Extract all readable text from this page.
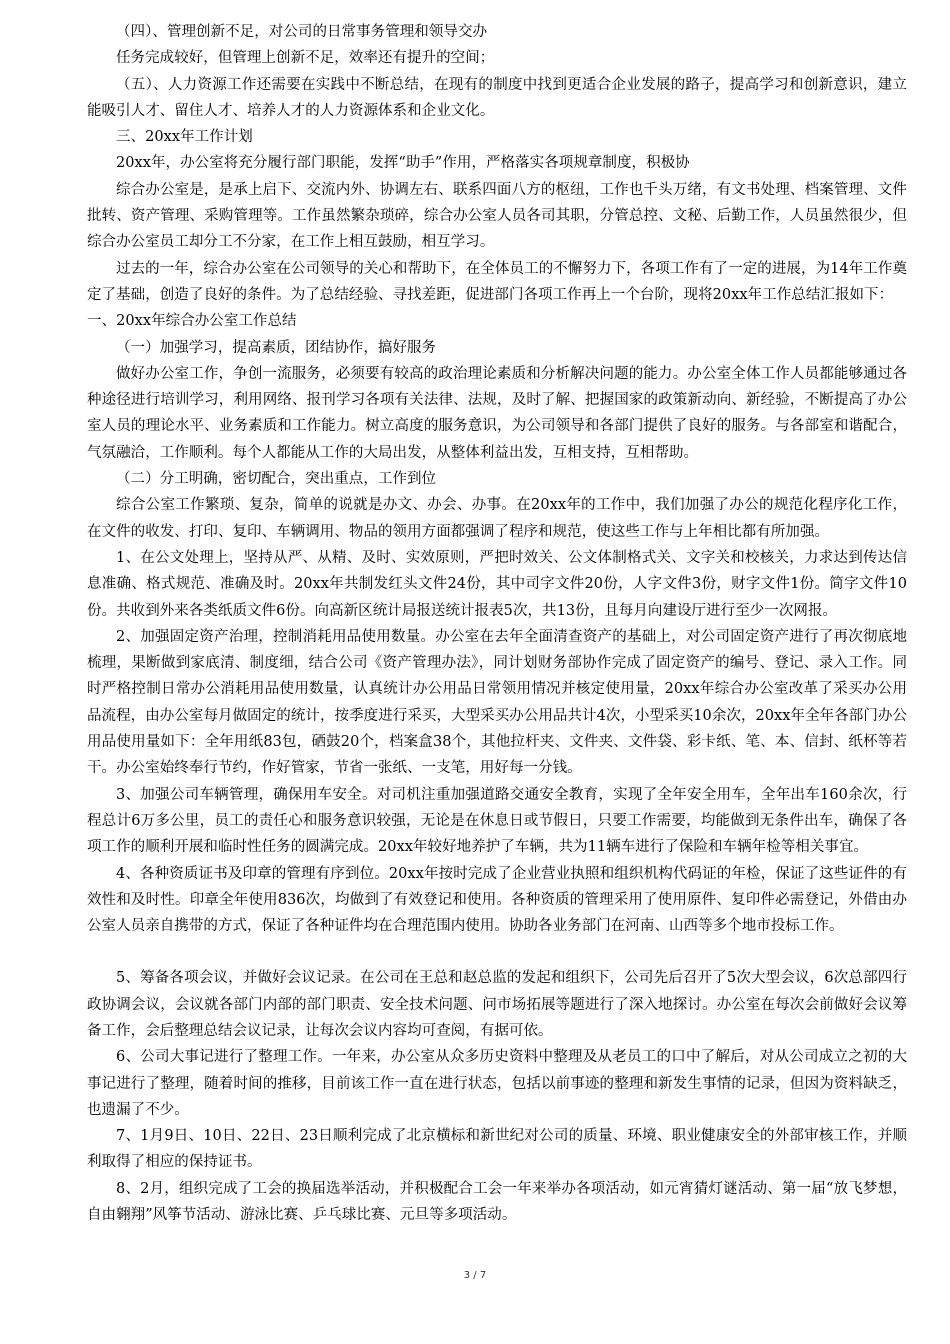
（四）、管理创新不足，对公司的日常事务管理和领导交办

任务完成较好，但管理上创新不足，效率还有提升的空间；

（五）、人力资源工作还需要在实践中不断总结，在现有的制度中找到更适合企业发展的路子，提高学习和创新意识，建立能吸引人才、留住人才、培养人才的人力资源体系和企业文化。

三、20xx年工作计划

20xx年，办公室将充分履行部门职能，发挥“助手”作用，严格落实各项规章制度，积极协

综合办公室是，是承上启下、交流内外、协调左右、联系四面八方的枢纽，工作也千头万绪，有文书处理、档案管理、文件批转、资产管理、采购管理等。工作虽然繁杂琐碎，综合办公室人员各司其职，分管总控、文秘、后勤工作，人员虽然很少，但综合办公室员工却分工不分家，在工作上相互鼓励，相互学习。

过去的一年，综合办公室在公司领导的关心和帮助下，在全体员工的不懈努力下，各项工作有了一定的进展，为14年工作奠定了基础，创造了良好的条件。为了总结经验、寻找差距，促进部门各项工作再上一个台阶，现将20xx年工作总结汇报如下：

一、20xx年综合办公室工作总结

（一）加强学习，提高素质，团结协作，搞好服务

做好办公室工作，争创一流服务，必须要有较高的政治理论素质和分析解决问题的能力。办公室全体工作人员都能够通过各种途径进行培训学习，利用网络、报刊学习各项有关法律、法规，及时了解、把握国家的政策新动向、新经验，不断提高了办公室人员的理论水平、业务素质和工作能力。树立高度的服务意识，为公司领导和各部门提供了良好的服务。与各部室和谐配合，气氛融洽，工作顺利。每个人都能从工作的大局出发，从整体利益出发，互相支持，互相帮助。

（二）分工明确，密切配合，突出重点，工作到位

综合公室工作繁琐、复杂，简单的说就是办文、办会、办事。在20xx年的工作中，我们加强了办公的规范化程序化工作，在文件的收发、打印、复印、车辆调用、物品的领用方面都强调了程序和规范，使这些工作与上年相比都有所加强。

1、在公文处理上，坚持从严、从精、及时、实效原则，严把时效关、公文体制格式关、文字关和校核关，力求达到传达信息准确、格式规范、准确及时。20xx年共制发红头文件24份，其中司字文件20份，人字文件3份，财字文件1份。简字文件10份。共收到外来各类纸质文件6份。向高新区统计局报送统计报表5次，共13份，且每月向建设厅进行至少一次网报。

2、加强固定资产治理，控制消耗用品使用数量。办公室在去年全面清查资产的基础上，对公司固定资产进行了再次彻底地梳理，果断做到家底清、制度细，结合公司《资产管理办法》，同计划财务部协作完成了固定资产的编号、登记、录入工作。同时严格控制日常办公消耗用品使用数量，认真统计办公用品日常领用情况并核定使用量，20xx年综合办公室改革了采买办公用品流程，由办公室每月做固定的统计，按季度进行采买，大型采买办公用品共计4次，小型采买10余次，20xx年全年各部门办公用品使用量如下：全年用纸83包，硒鼓20个，档案盒38个，其他拉杆夹、文件夹、文件袋、彩卡纸、笔、本、信封、纸杯等若干。办公室始终奉行节约，作好管家，节省一张纸、一支笔，用好每一分钱。

3、加强公司车辆管理，确保用车安全。对司机注重加强道路交通安全教育，实现了全年安全用车，全年出车160余次，行程总计6万多公里，员工的责任心和服务意识较强，无论是在休息日或节假日，只要工作需要，均能做到无条件出车，确保了各项工作的顺利开展和临时性任务的圆满完成。20xx年较好地养护了车辆，共为11辆车进行了保险和车辆年检等相关事宜。

4、各种资质证书及印章的管理有序到位。20xx年按时完成了企业营业执照和组织机构代码证的年检，保证了这些证件的有效性和及时性。印章全年使用836次，均做到了有效登记和使用。各种资质的管理采用了使用原件、复印件必需登记，外借由办公室人员亲自携带的方式，保证了各种证件均在合理范围内使用。协助各业务部门在河南、山西等多个地市投标工作。

5、筹备各项会议，并做好会议记录。在公司在王总和赵总监的发起和组织下，公司先后召开了5次大型会议，6次总部四行政协调会议，会议就各部门内部的部门职责、安全技术问题、问市场拓展等题进行了深入地探讨。办公室在每次会前做好会议筹备工作，会后整理总结会议记录，让每次会议内容均可查阅，有据可依。

6、公司大事记进行了整理工作。一年来，办公室从众多历史资料中整理及从老员工的口中了解后，对从公司成立之初的大事记进行了整理，随着时间的推移，目前该工作一直在进行状态，包括以前事迹的整理和新发生事情的记录，但因为资料缺乏，也遗漏了不少。

7、1月9日、10日、22日、23日顺利完成了北京横标和新世纪对公司的质量、环境、职业健康安全的外部审核工作，并顺利取得了相应的保持证书。

8、2月，组织完成了工会的换届选举活动，并积极配合工会一年来举办各项活动，如元宵猜灯谜活动、第一届“放飞梦想，自由翱翔”风筝节活动、游泳比赛、乒乓球比赛、元旦等多项活动。

3 / 7
